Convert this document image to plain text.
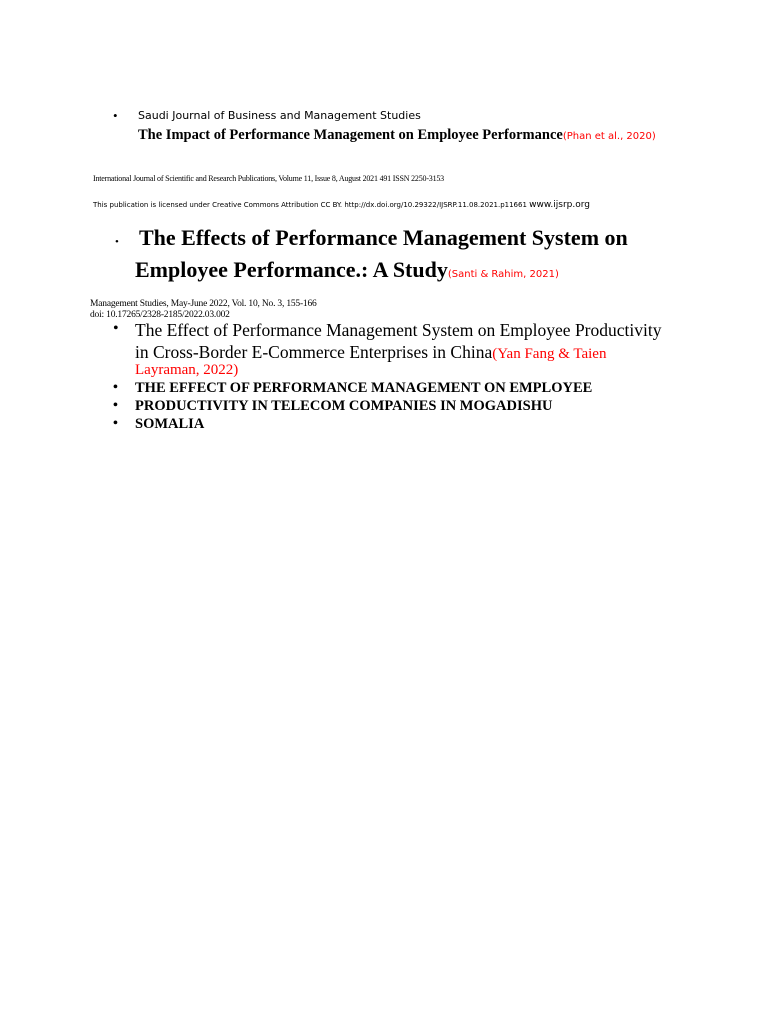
• Saudi Journal of Business and Management Studies
The Impact of Performance Management on Employee Performance(Phan et al., 2020)
International Journal of Scientific and Research Publications, Volume 11, Issue 8, August 2021 491 ISSN 2250-3153
This publication is licensed under Creative Commons Attribution CC BY. http://dx.doi.org/10.29322/IJSRP.11.08.2021.p11661 www.ijsrp.org
• The Effects of Performance Management System on
Employee Performance.: A Study(Santi & Rahim, 2021)
Management Studies, May-June 2022, Vol. 10, No. 3, 155-166
doi: 10.17265/2328-2185/2022.03.002
• The Effect of Performance Management System on Employee Productivity
in Cross-Border E-Commerce Enterprises in China(Yan Fang & Taien
Layraman, 2022)
• THE EFFECT OF PERFORMANCE MANAGEMENT ON EMPLOYEE
• PRODUCTIVITY IN TELECOM COMPANIES IN MOGADISHU
• SOMALIA
